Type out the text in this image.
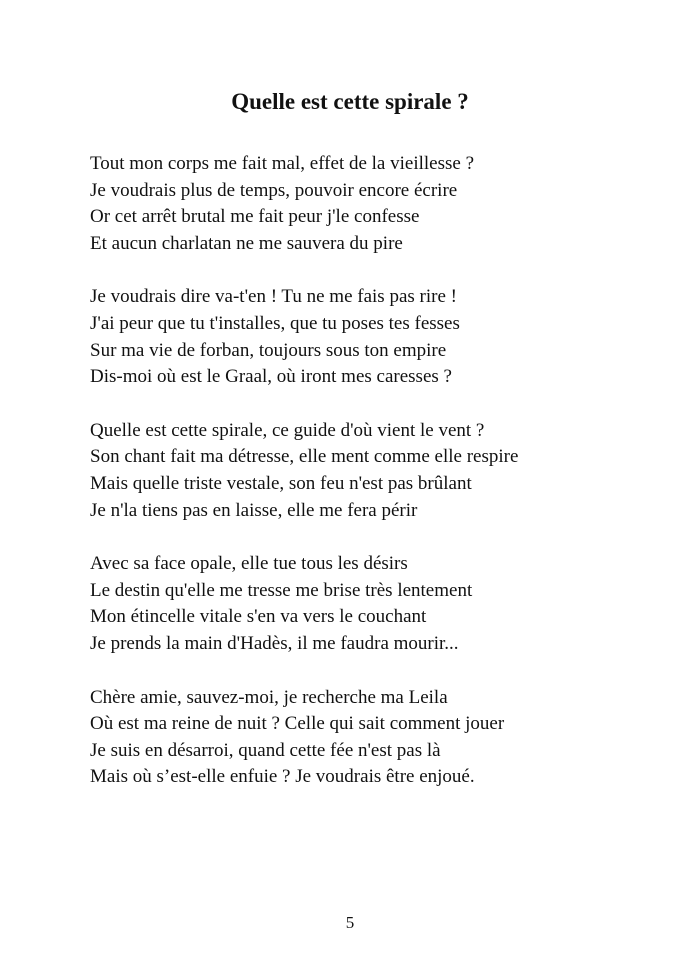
Quelle est cette spirale ?

Tout mon corps me fait mal, effet de la vieillesse ?
Je voudrais plus de temps, pouvoir encore écrire
Or cet arrêt brutal me fait peur j'le confesse
Et aucun charlatan ne me sauvera du pire

Je voudrais dire va-t'en ! Tu ne me fais pas rire !
J'ai peur que tu t'installes, que tu poses tes fesses
Sur ma vie de forban, toujours sous ton empire
Dis-moi où est le Graal, où iront mes caresses ?

Quelle est cette spirale, ce guide d'où vient le vent ?
Son chant fait ma détresse, elle ment comme elle respire
Mais quelle triste vestale, son feu n'est pas brûlant
Je n'la tiens pas en laisse, elle me fera périr

Avec sa face opale, elle tue tous les désirs
Le destin qu'elle me tresse me brise très lentement
Mon étincelle vitale s'en va vers le couchant
Je prends la main d'Hadès, il me faudra mourir...

Chère amie, sauvez-moi, je recherche ma Leila
Où est ma reine de nuit ? Celle qui sait comment jouer
Je suis en désarroi, quand cette fée n'est pas là
Mais où s’est-elle enfuie ? Je voudrais être enjoué.

5
